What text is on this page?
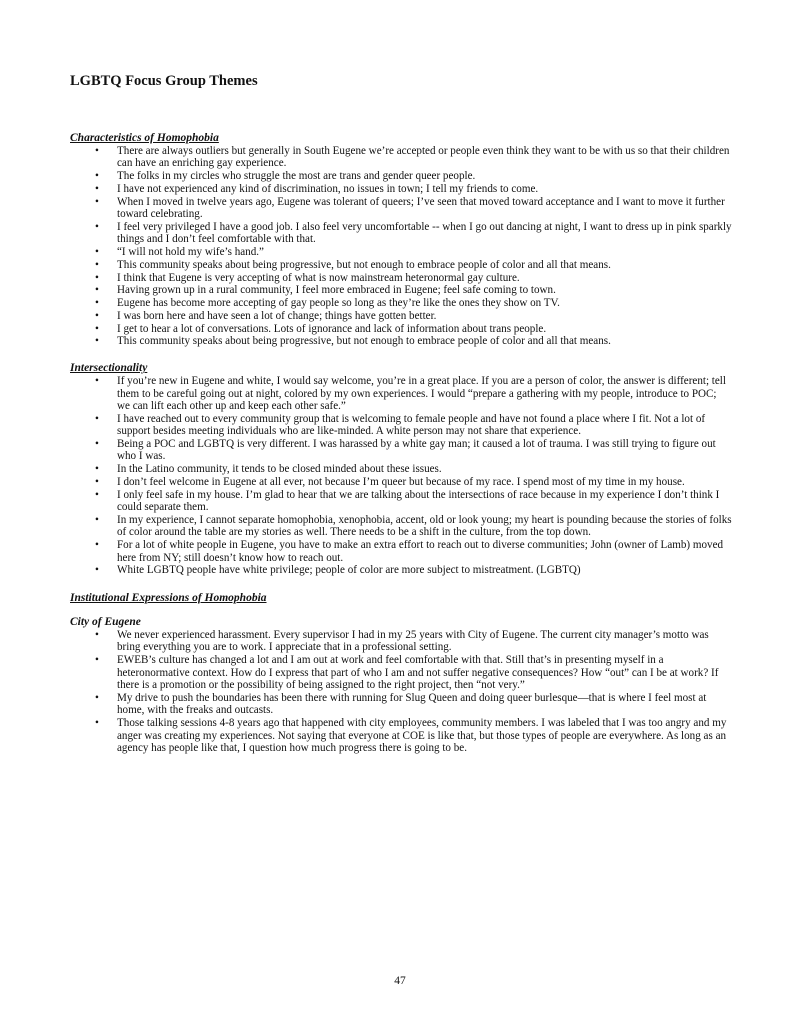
LGBTQ Focus Group Themes
Characteristics of Homophobia
• There are always outliers but generally in South Eugene we’re accepted or people even think they want to be with us so that their children can have an enriching gay experience.
• The folks in my circles who struggle the most are trans and gender queer people.
• I have not experienced any kind of discrimination, no issues in town; I tell my friends to come.
• When I moved in twelve years ago, Eugene was tolerant of queers; I’ve seen that moved toward acceptance and I want to move it further toward celebrating.
• I feel very privileged I have a good job. I also feel very uncomfortable -- when I go out dancing at night, I want to dress up in pink sparkly things and I don’t feel comfortable with that.
• “I will not hold my wife’s hand.”
• This community speaks about being progressive, but not enough to embrace people of color and all that means.
• I think that Eugene is very accepting of what is now mainstream heteronormal gay culture.
• Having grown up in a rural community, I feel more embraced in Eugene; feel safe coming to town.
• Eugene has become more accepting of gay people so long as they’re like the ones they show on TV.
• I was born here and have seen a lot of change; things have gotten better.
• I get to hear a lot of conversations. Lots of ignorance and lack of information about trans people.
• This community speaks about being progressive, but not enough to embrace people of color and all that means.
Intersectionality
• If you’re new in Eugene and white, I would say welcome, you’re in a great place. If you are a person of color, the answer is different; tell them to be careful going out at night, colored by my own experiences. I would “prepare a gathering with my people, introduce to POC; we can lift each other up and keep each other safe.”
• I have reached out to every community group that is welcoming to female people and have not found a place where I fit. Not a lot of support besides meeting individuals who are like-minded. A white person may not share that experience.
• Being a POC and LGBTQ is very different. I was harassed by a white gay man; it caused a lot of trauma. I was still trying to figure out who I was.
• In the Latino community, it tends to be closed minded about these issues.
• I don’t feel welcome in Eugene at all ever, not because I’m queer but because of my race. I spend most of my time in my house.
• I only feel safe in my house. I’m glad to hear that we are talking about the intersections of race because in my experience I don’t think I could separate them.
• In my experience, I cannot separate homophobia, xenophobia, accent, old or look young; my heart is pounding because the stories of folks of color around the table are my stories as well. There needs to be a shift in the culture, from the top down.
• For a lot of white people in Eugene, you have to make an extra effort to reach out to diverse communities; John (owner of Lamb) moved here from NY; still doesn’t know how to reach out.
• White LGBTQ people have white privilege; people of color are more subject to mistreatment. (LGBTQ)
Institutional Expressions of Homophobia
City of Eugene
• We never experienced harassment. Every supervisor I had in my 25 years with City of Eugene. The current city manager’s motto was bring everything you are to work. I appreciate that in a professional setting.
• EWEB’s culture has changed a lot and I am out at work and feel comfortable with that. Still that’s in presenting myself in a heteronormative context. How do I express that part of who I am and not suffer negative consequences? How “out” can I be at work? If there is a promotion or the possibility of being assigned to the right project, then “not very.”
• My drive to push the boundaries has been there with running for Slug Queen and doing queer burlesque—that is where I feel most at home, with the freaks and outcasts.
• Those talking sessions 4-8 years ago that happened with city employees, community members. I was labeled that I was too angry and my anger was creating my experiences. Not saying that everyone at COE is like that, but those types of people are everywhere. As long as an agency has people like that, I question how much progress there is going to be.
47
